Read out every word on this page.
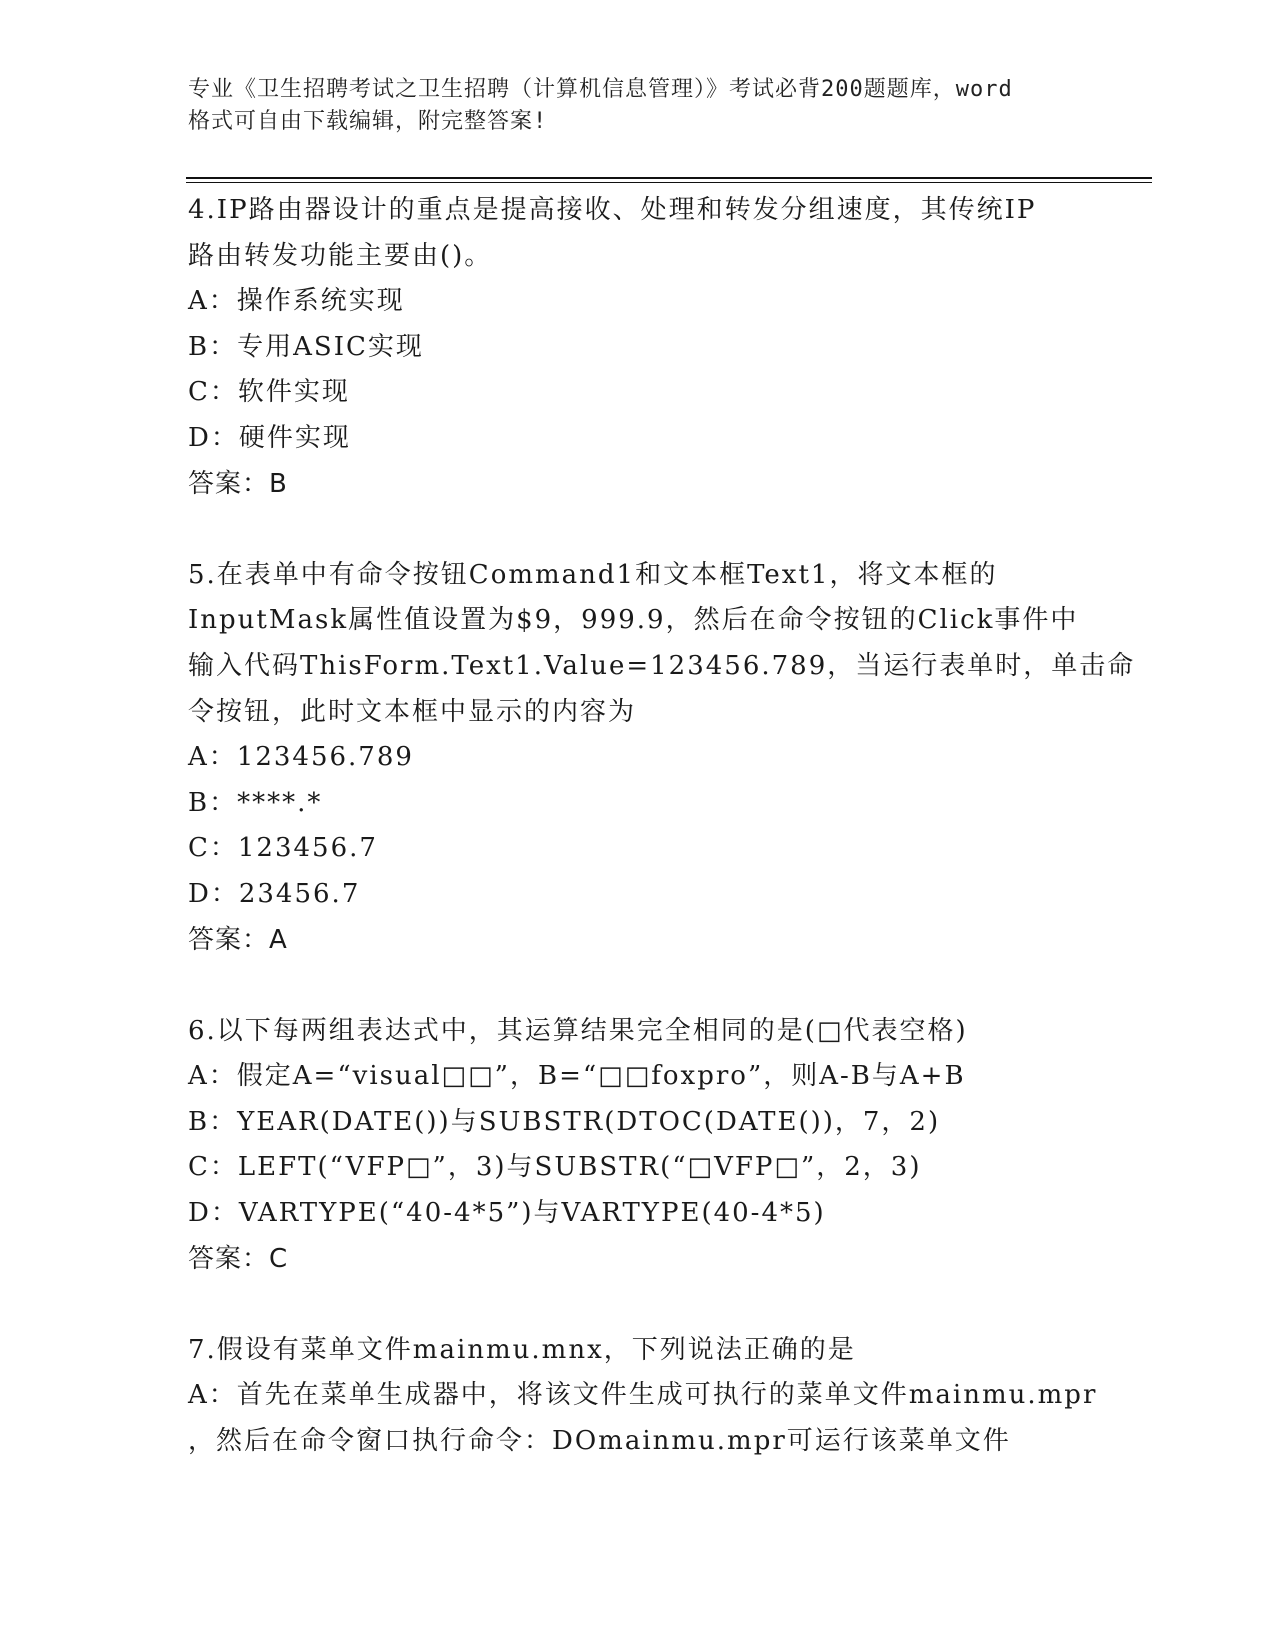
专业《卫生招聘考试之卫生招聘（计算机信息管理）》考试必背200题题库，word
格式可自由下载编辑，附完整答案!
4.IP路由器设计的重点是提高接收、处理和转发分组速度，其传统IP
路由转发功能主要由()。
A：操作系统实现
B：专用ASIC实现
C：软件实现
D：硬件实现
答案：B
5.在表单中有命令按钮Command1和文本框Text1，将文本框的
InputMask属性值设置为$9，999.9，然后在命令按钮的Click事件中
输入代码ThisForm.Text1.Value=123456.789，当运行表单时，单击命
令按钮，此时文本框中显示的内容为
A：123456.789
B：****.*
C：123456.7
D：23456.7
答案：A
6.以下每两组表达式中，其运算结果完全相同的是(□代表空格)
A：假定A=“visual□□”，B=“□□foxpro”，则A-B与A+B
B：YEAR(DATE())与SUBSTR(DTOC(DATE())，7，2)
C：LEFT(“VFP□”，3)与SUBSTR(“□VFP□”，2，3)
D：VARTYPE(“40-4*5”)与VARTYPE(40-4*5)
答案：C
7.假设有菜单文件mainmu.mnx，下列说法正确的是
A：首先在菜单生成器中，将该文件生成可执行的菜单文件mainmu.mpr
，然后在命令窗口执行命令：DOmainmu.mpr可运行该菜单文件
